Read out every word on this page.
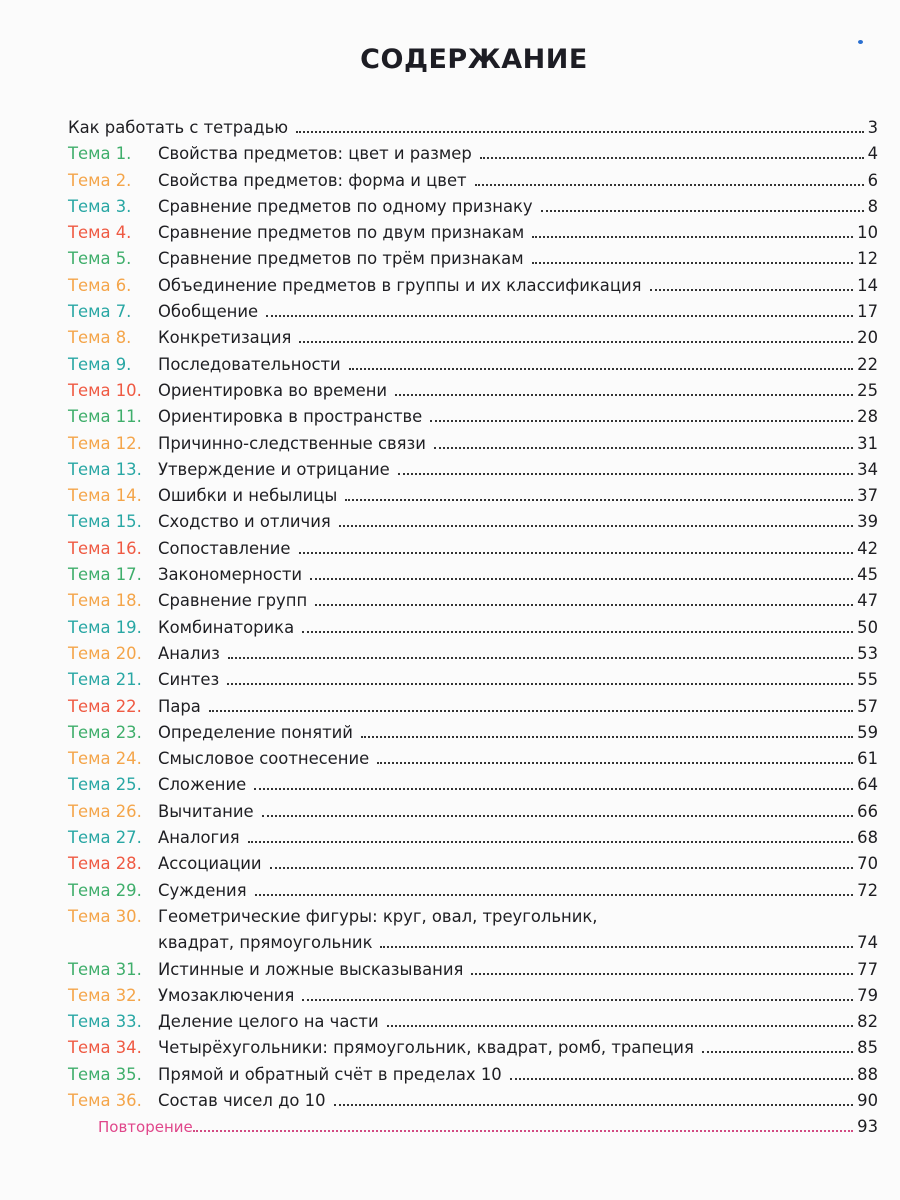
СОДЕРЖАНИЕ
Как работать с тетрадью	3
Тема 1. Свойства предметов: цвет и размер	4
Тема 2. Свойства предметов: форма и цвет	6
Тема 3. Сравнение предметов по одному признаку	8
Тема 4. Сравнение предметов по двум признакам	10
Тема 5. Сравнение предметов по трём признакам	12
Тема 6. Объединение предметов в группы и их классификация	14
Тема 7. Обобщение	17
Тема 8. Конкретизация	20
Тема 9. Последовательности	22
Тема 10. Ориентировка во времени	25
Тема 11. Ориентировка в пространстве	28
Тема 12. Причинно-следственные связи	31
Тема 13. Утверждение и отрицание	34
Тема 14. Ошибки и небылицы	37
Тема 15. Сходство и отличия	39
Тема 16. Сопоставление	42
Тема 17. Закономерности	45
Тема 18. Сравнение групп	47
Тема 19. Комбинаторика	50
Тема 20. Анализ	53
Тема 21. Синтез	55
Тема 22. Пара	57
Тема 23. Определение понятий	59
Тема 24. Смысловое соотнесение	61
Тема 25. Сложение	64
Тема 26. Вычитание	66
Тема 27. Аналогия	68
Тема 28. Ассоциации	70
Тема 29. Суждения	72
Тема 30. Геометрические фигуры: круг, овал, треугольник,
квадрат, прямоугольник	74
Тема 31. Истинные и ложные высказывания	77
Тема 32. Умозаключения	79
Тема 33. Деление целого на части	82
Тема 34. Четырёхугольники: прямоугольник, квадрат, ромб, трапеция	85
Тема 35. Прямой и обратный счёт в пределах 10	88
Тема 36. Состав чисел до 10	90
Повторение	93
